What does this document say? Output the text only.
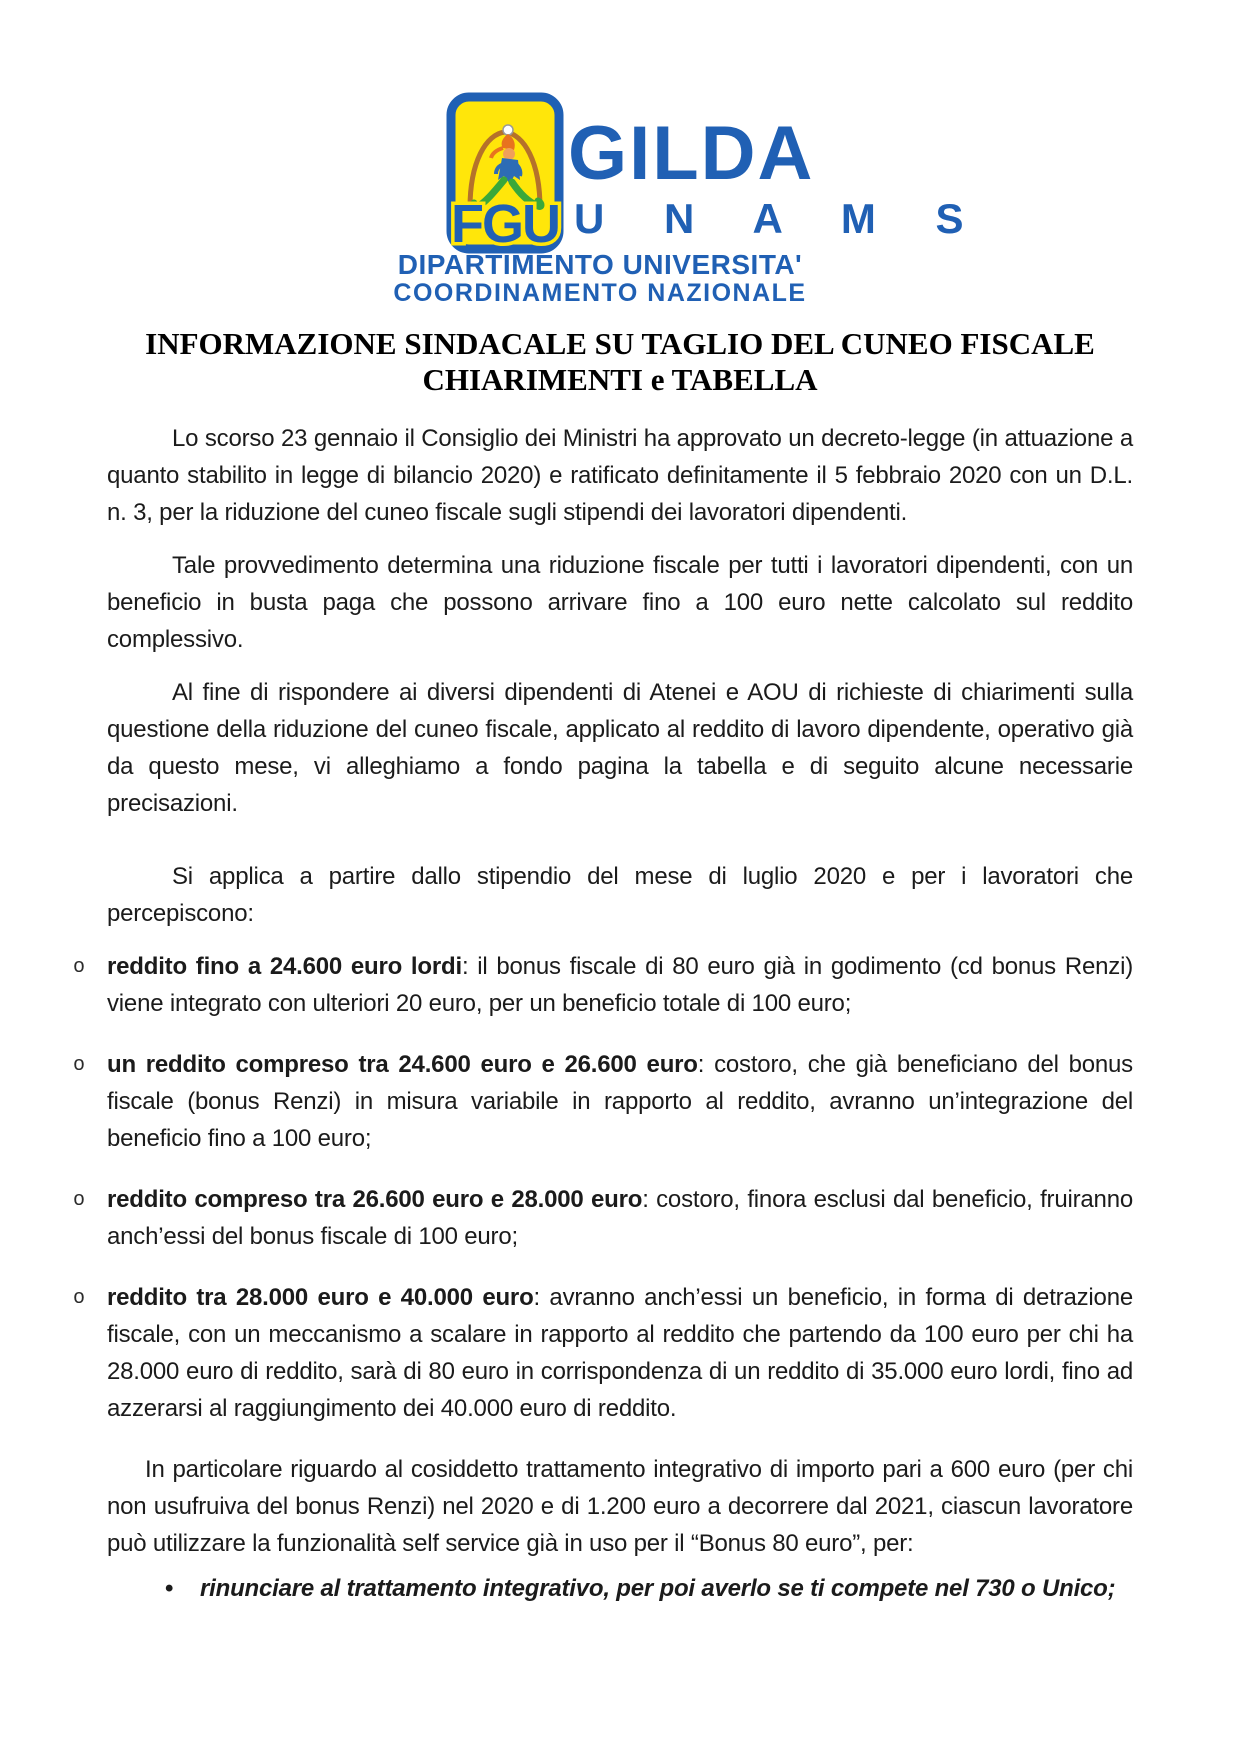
FGU
GILDA
U N A M S
DIPARTIMENTO UNIVERSITA'
COORDINAMENTO NAZIONALE
INFORMAZIONE SINDACALE SU TAGLIO DEL CUNEO FISCALE
CHIARIMENTI e TABELLA

Lo scorso 23 gennaio il Consiglio dei Ministri ha approvato un decreto-legge (in attuazione a quanto stabilito in legge di bilancio 2020) e ratificato definitamente il 5 febbraio 2020 con un D.L. n. 3, per la riduzione del cuneo fiscale sugli stipendi dei lavoratori dipendenti.

Tale provvedimento determina una riduzione fiscale per tutti i lavoratori dipendenti, con un beneficio in busta paga che possono arrivare fino a 100 euro nette calcolato sul reddito complessivo.

Al fine di rispondere ai diversi dipendenti di Atenei e AOU di richieste di chiarimenti sulla questione della riduzione del cuneo fiscale, applicato al reddito di lavoro dipendente, operativo già da questo mese, vi alleghiamo a fondo pagina la tabella e di seguito alcune necessarie precisazioni.

Si applica a partire dallo stipendio del mese di luglio 2020 e per i lavoratori che percepiscono:

o reddito fino a 24.600 euro lordi: il bonus fiscale di 80 euro già in godimento (cd bonus Renzi) viene integrato con ulteriori 20 euro, per un beneficio totale di 100 euro;
o un reddito compreso tra 24.600 euro e 26.600 euro: costoro, che già beneficiano del bonus fiscale (bonus Renzi) in misura variabile in rapporto al reddito, avranno un’integrazione del beneficio fino a 100 euro;
o reddito compreso tra 26.600 euro e 28.000 euro: costoro, finora esclusi dal beneficio, fruiranno anch’essi del bonus fiscale di 100 euro;
o reddito tra 28.000 euro e 40.000 euro: avranno anch’essi un beneficio, in forma di detrazione fiscale, con un meccanismo a scalare in rapporto al reddito che partendo da 100 euro per chi ha 28.000 euro di reddito, sarà di 80 euro in corrispondenza di un reddito di 35.000 euro lordi, fino ad azzerarsi al raggiungimento dei 40.000 euro di reddito.

In particolare riguardo al cosiddetto trattamento integrativo di importo pari a 600 euro (per chi non usufruiva del bonus Renzi) nel 2020 e di 1.200 euro a decorrere dal 2021, ciascun lavoratore può utilizzare la funzionalità self service già in uso per il “Bonus 80 euro”, per:

• rinunciare al trattamento integrativo, per poi averlo se ti compete nel 730 o Unico;
